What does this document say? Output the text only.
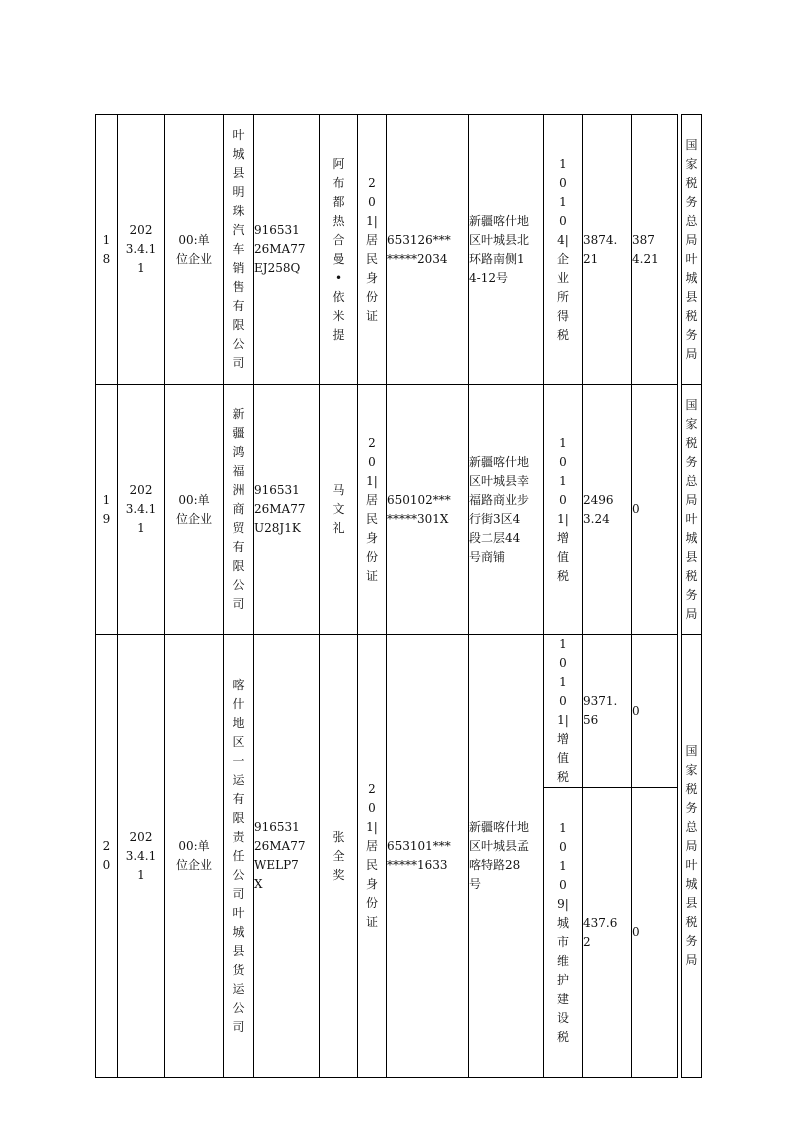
18	2023.4.11	00:单位企业	叶城县明珠汽车销售有限公司	91653126MA77EJ258Q	阿布都热合曼•依米提	201|居民身份证	653126***
*****2034	新疆喀什地区叶城县北环路南侧14-12号	10104|企业所得税	3874.21	3874.21		国家税务总局叶城县税务局

19	2023.4.11	00:单位企业	新疆鸿福洲商贸有限公司	91653126MA77U28J1K	马文礼	201|居民身份证	650102***
*****301X	新疆喀什地区叶城县幸福路商业步行街3区4段二层44号商铺	10101|增值税	24963.24	0		国家税务总局叶城县税务局

20	2023.4.11	00:单位企业	喀什地区一运有限责任公司叶城县货运公司	91653126MA77WELP7X	张全奖	201|居民身份证	653101***
*****1633	新疆喀什地区叶城县孟喀特路28号	10101|增值税	9371.56	0		国家税务总局叶城县税务局

									10109|城市维护建设税	437.62	0		
